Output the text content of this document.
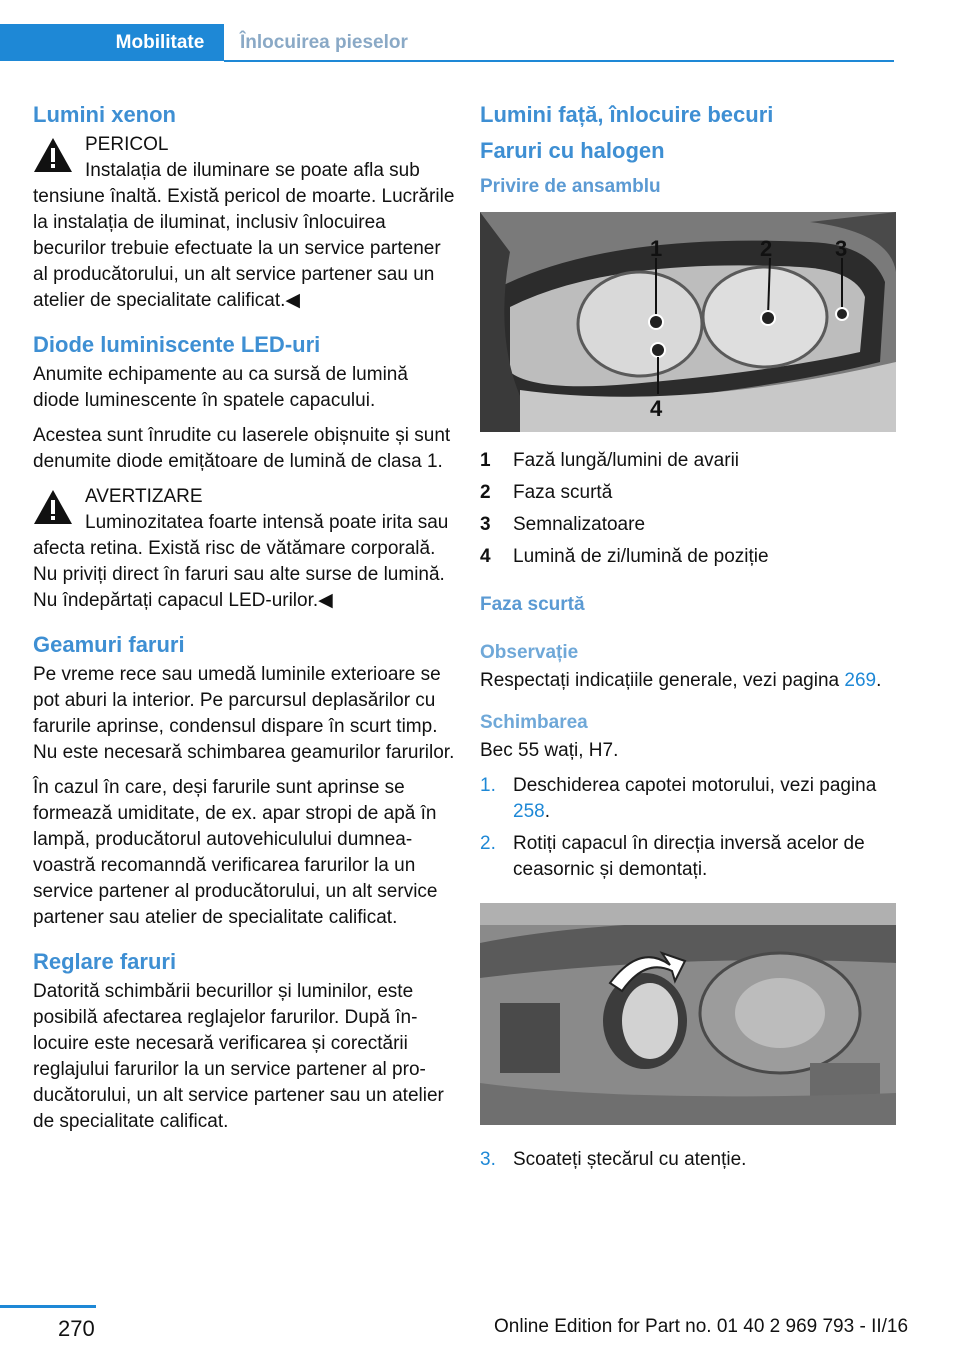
Mobilitate	Înlocuirea pieselor
Lumini xenon
PERICOL
Instalația de iluminare se poate afla sub tensiune înaltă. Există pericol de moarte. Lucrările la instalația de iluminat, inclusiv înlocuirea becurilor trebuie efectuate la un service partener al producătorului, un alt service partener sau un atelier de specialitate calificat.◀
Diode luminiscente LED-uri

Anumite echipamente au ca sursă de lumină diode luminescente în spatele capacului.

Acestea sunt înrudite cu laserele obișnuite și sunt denumite diode emițătoare de lumină de clasa 1.

AVERTIZARE
Luminozitatea foarte intensă poate irita sau afecta retina. Există risc de vătămare corporală. Nu priviți direct în faruri sau alte surse de lumină. Nu îndepărtați capacul LED-urilor.◀
Geamuri faruri

Pe vreme rece sau umedă luminile exterioare se pot aburi la interior. Pe parcursul deplasărilor cu farurile aprinse, condensul dispare în scurt timp. Nu este necesară schimbarea geamurilor farurilor.

În cazul în care, deși farurile sunt aprinse se formează umiditate, de ex. apar stropi de apă în lampă, producătorul autovehiculului dumneavoastră recomanndă verificarea farurilor la un service partener al producătorului, un alt service partener sau atelier de specialitate calificat.

Reglare faruri

Datorită schimbării becurillor și luminilor, este posibilă afectarea reglajelor farurilor. După înlocuire este necesară verificarea și corectării reglajului farurilor la un service partener al producătorului, un alt service partener sau un atelier de specialitate calificat.

Lumini față, înlocuire becuri
Faruri cu halogen
Privire de ansamblu
1	2	3
4
1	Fază lungă/lumini de avarii
2	Faza scurtă
3	Semnalizatoare
4	Lumină de zi/lumină de poziție
Faza scurtă
Observație

Respectați indicațiile generale, vezi pagina 269.

Schimbarea

Bec 55 wați, H7.

1. Deschiderea capotei motorului, vezi pagina 258.
2. Rotiți capacul în direcția inversă acelor de ceasornic și demontați.
3. Scoateți ștecărul cu atenție.
270	Online Edition for Part no. 01 40 2 969 793 - II/16
